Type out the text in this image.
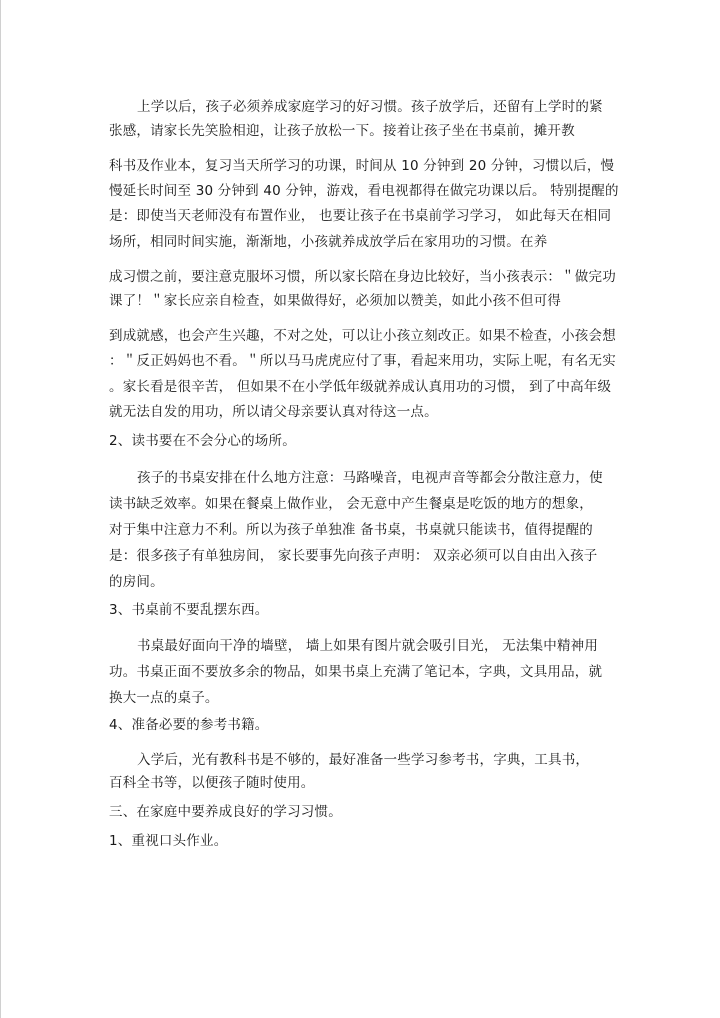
上学以后，孩子必须养成家庭学习的好习惯。孩子放学后，还留有上学时的紧
张感，请家长先笑脸相迎，让孩子放松一下。接着让孩子坐在书桌前，摊开教
科书及作业本，复习当天所学习的功课，时间从 10 分钟到 20 分钟，习惯以后，慢
慢延长时间至 30 分钟到 40 分钟，游戏，看电视都得在做完功课以后。 特别提醒的
是：即使当天老师没有布置作业， 也要让孩子在书桌前学习学习， 如此每天在相同
场所，相同时间实施，渐渐地，小孩就养成放学后在家用功的习惯。在养
成习惯之前，要注意克服坏习惯，所以家长陪在身边比较好，当小孩表示：＂做完功
课了！＂家长应亲自检查，如果做得好，必须加以赞美，如此小孩不但可得
到成就感，也会产生兴趣，不对之处，可以让小孩立刻改正。如果不检查，小孩会想
：＂反正妈妈也不看。＂所以马马虎虎应付了事，看起来用功，实际上呢，有名无实
。家长看是很辛苦， 但如果不在小学低年级就养成认真用功的习惯， 到了中高年级
就无法自发的用功，所以请父母亲要认真对待这一点。
2、读书要在不会分心的场所。
孩子的书桌安排在什么地方注意：马路噪音，电视声音等都会分散注意力，使
读书缺乏效率。如果在餐桌上做作业， 会无意中产生餐桌是吃饭的地方的想象，
对于集中注意力不利。所以为孩子单独准 备书桌，书桌就只能读书，值得提醒的
是：很多孩子有单独房间， 家长要事先向孩子声明： 双亲必须可以自由出入孩子
的房间。
3、书桌前不要乱摆东西。
书桌最好面向干净的墙壁， 墙上如果有图片就会吸引目光， 无法集中精神用
功。书桌正面不要放多余的物品，如果书桌上充满了笔记本，字典，文具用品，就
换大一点的桌子。
4、准备必要的参考书籍。
入学后，光有教科书是不够的，最好准备一些学习参考书，字典，工具书，
百科全书等，以便孩子随时使用。
三、在家庭中要养成良好的学习习惯。
1、重视口头作业。
